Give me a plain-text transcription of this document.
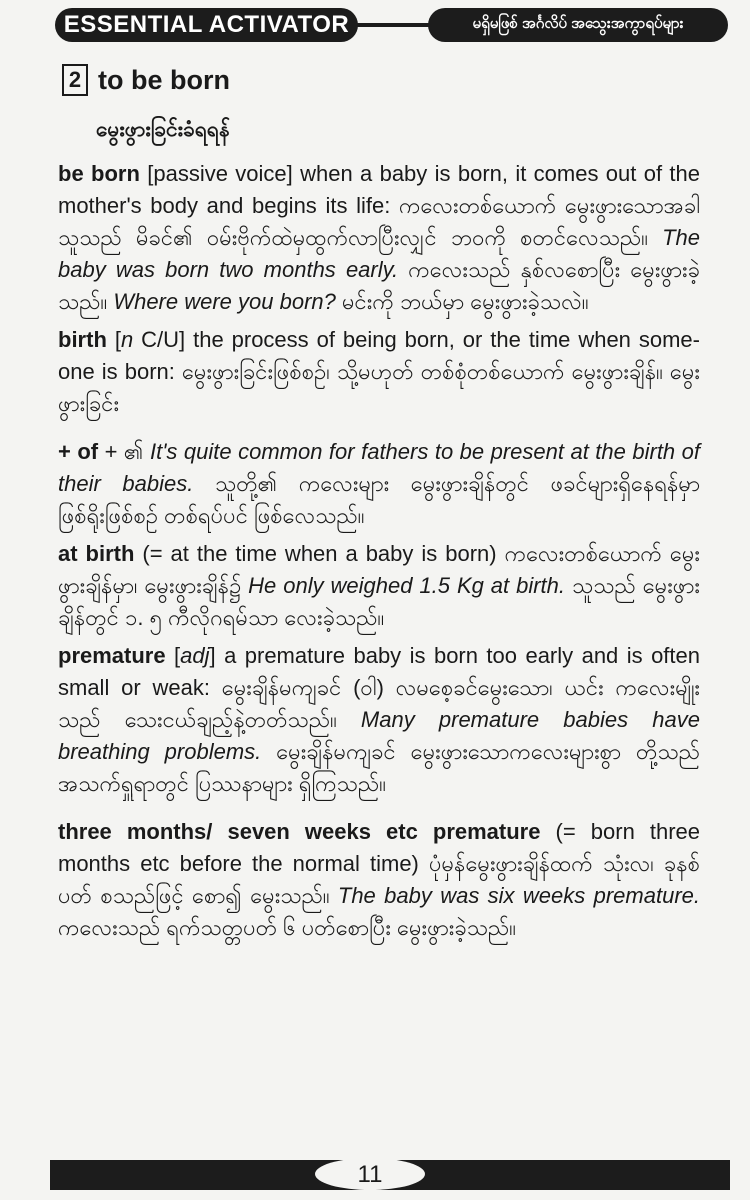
ESSENTIAL ACTIVATOR	မရှိမဖြစ် အင်္ဂလိပ် အသွေးအကွာရပ်များ
2 to be born
မွေးဖွားခြင်းခံရရန်

be born [passive voice] when a baby is born, it comes out of the mother's body and begins its life: ကလေးတစ်ယောက် မွေးဖွားသောအခါ သူသည် မိခင်၏ ဝမ်းဗိုက်ထဲမှထွက်လာပြီးလျှင် ဘဝကို စတင်လေသည်။ The baby was born two months early. ကလေးသည် နှစ်လစောပြီး မွေးဖွားခဲ့သည်။ Where were you born? မင်းကို ဘယ်မှာ မွေးဖွားခဲ့သလဲ။

birth [n C/U] the process of being born, or the time when some-one is born: မွေးဖွားခြင်းဖြစ်စဉ်၊ သို့မဟုတ် တစ်စုံတစ်ယောက် မွေးဖွားချိန်။ မွေးဖွားခြင်း

+ of + ၏ It's quite common for fathers to be present at the birth of their babies. သူတို့၏ ကလေးများ မွေးဖွားချိန်တွင် ဖခင်များရှိနေရန်မှာ ဖြစ်ရိုးဖြစ်စဉ် တစ်ရပ်ပင် ဖြစ်လေသည်။

at birth (= at the time when a baby is born) ကလေးတစ်ယောက် မွေးဖွားချိန်မှာ၊ မွေးဖွားချိန်၌ He only weighed 1.5 Kg at birth. သူသည် မွေးဖွားချိန်တွင် ၁. ၅ ကီလိုဂရမ်သာ လေးခဲ့သည်။

premature [adj] a premature baby is born too early and is often small or weak: မွေးချိန်မကျခင် (ဝါ) လမစေ့ခင်မွေးသော၊ ယင်း ကလေးမျိုးသည် သေးငယ်ချည့်နဲ့တတ်သည်။ Many premature babies have breathing problems. မွေးချိန်မကျခင် မွေးဖွားသောကလေးများစွာ တို့သည် အသက်ရှူရာတွင် ပြဿနာများ ရှိကြသည်။

three months/ seven weeks etc premature (= born three months etc before the normal time) ပုံမှန်မွေးဖွားချိန်ထက် သုံးလ၊ ခုနစ်ပတ် စသည်ဖြင့် စော၍ မွေးသည်။ The baby was six weeks premature. ကလေးသည် ရက်သတ္တပတ် ၆ ပတ်စောပြီး မွေးဖွားခဲ့သည်။

11
